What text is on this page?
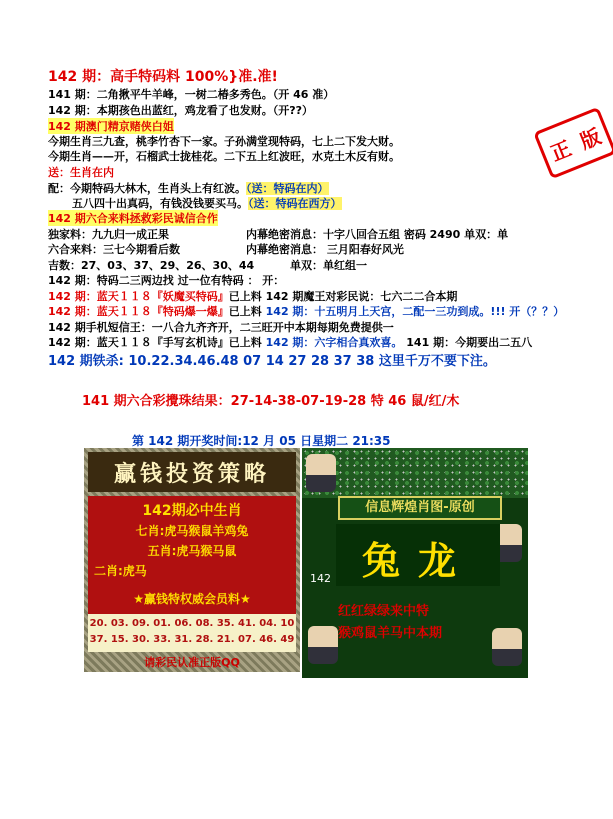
142 期：高手特码料 100%}准.准!
正 版
141 期：二角揪平牛羊峰，一树二椿多秀色。（开 46 准）
142 期：本期孩色出蓝红，鸡龙看了也发财。（开??）
142 期澳门精京赌侠白姐
今期生肖三九查，桃李竹杏下一家。子孙满堂现特码，七上二下发大财。
今期生肖——开，石榴武士拢桂花。二下五上红波旺，水克土木反有财。
送：生肖在内
配：今期特码大林木，生肖头上有红波。（送：特码在内）
五八四十出真码，有钱没钱要买马。（送：特码在西方）
142 期六合来料拯救彩民诚信合作
独家料：九九归一成正果	内幕绝密消息：十字八回合五组 密码 2490 单双：单
六合来料：三七今期看后数	内幕绝密消息： 三月阳春好风光
吉数：27、03、37、29、26、30、44	单双：单红组一
142 期：特码二三两边找 过一位有特码 ： 开：
142 期：蓝天１１８『妖魔买特码』已上料 142 期魔王对彩民说：七六二二合本期
142 期：蓝天１１８『特码爆一爆』已上料 142 期：十五明月上天宫，二配一三功到成。!!! 开（？？）
142 期手机短信王：一八合九齐齐开，二三旺开中本期每期免费提供一
142 期：蓝天１１８『手写玄机诗』已上料 142 期：六字相合真欢喜。 141 期：今期要出二五八
142 期铁杀: 10.22.34.46.48 07 14 27 28 37 38 这里千万不要下注。
141 期六合彩攪珠结果：27-14-38-07-19-28 特 46 鼠/红/木
第 142 期开奖时间:12 月 05 日星期二 21:35
赢钱投资策略
142期必中生肖
七肖:虎马猴鼠羊鸡兔
五肖:虎马猴马鼠
二肖:虎马
★赢钱特权威会员料★
20. 03. 09. 01. 06. 08. 35. 41. 04. 10
37. 15. 30. 33. 31. 28. 21. 07. 46. 49
请彩民认准正版QQ
信息辉煌肖图-原创
兔龙
142
红红绿绿来中特
猴鸡鼠羊马中本期
